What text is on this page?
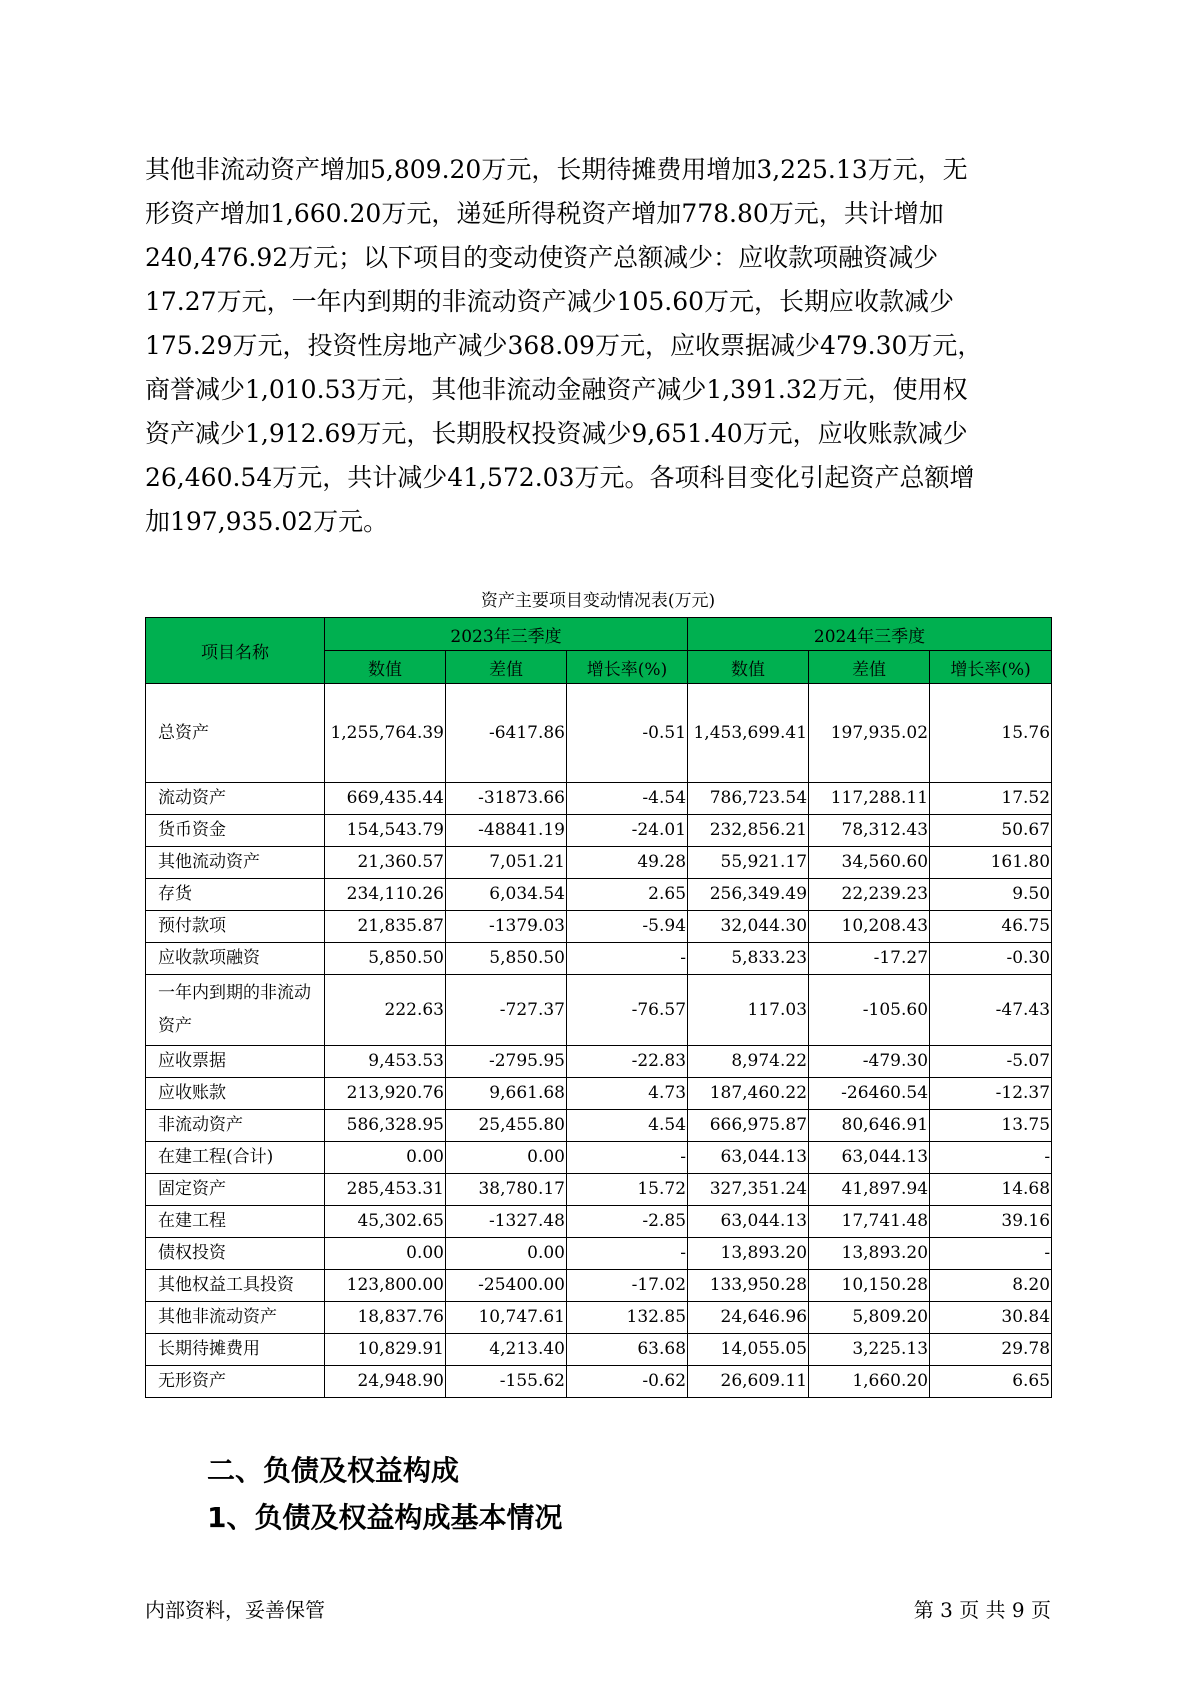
其他非流动资产增加5,809.20万元，长期待摊费用增加3,225.13万元，无
形资产增加1,660.20万元，递延所得税资产增加778.80万元，共计增加
240,476.92万元；以下项目的变动使资产总额减少：应收款项融资减少
17.27万元，一年内到期的非流动资产减少105.60万元，长期应收款减少
175.29万元，投资性房地产减少368.09万元，应收票据减少479.30万元，
商誉减少1,010.53万元，其他非流动金融资产减少1,391.32万元，使用权
资产减少1,912.69万元，长期股权投资减少9,651.40万元，应收账款减少
26,460.54万元，共计减少41,572.03万元。各项科目变化引起资产总额增
加197,935.02万元。
资产主要项目变动情况表(万元)
项目名称	2023年三季度			2024年三季度		
	数值	差值	增长率(%)	数值	差值	增长率(%)
总资产	1,255,764.39	-6417.86	-0.51	1,453,699.41	197,935.02	15.76
流动资产	669,435.44	-31873.66	-4.54	786,723.54	117,288.11	17.52
货币资金	154,543.79	-48841.19	-24.01	232,856.21	78,312.43	50.67
其他流动资产	21,360.57	7,051.21	49.28	55,921.17	34,560.60	161.80
存货	234,110.26	6,034.54	2.65	256,349.49	22,239.23	9.50
预付款项	21,835.87	-1379.03	-5.94	32,044.30	10,208.43	46.75
应收款项融资	5,850.50	5,850.50	-	5,833.23	-17.27	-0.30
一年内到期的非流动资产	222.63	-727.37	-76.57	117.03	-105.60	-47.43
应收票据	9,453.53	-2795.95	-22.83	8,974.22	-479.30	-5.07
应收账款	213,920.76	9,661.68	4.73	187,460.22	-26460.54	-12.37
非流动资产	586,328.95	25,455.80	4.54	666,975.87	80,646.91	13.75
在建工程(合计)	0.00	0.00	-	63,044.13	63,044.13	-
固定资产	285,453.31	38,780.17	15.72	327,351.24	41,897.94	14.68
在建工程	45,302.65	-1327.48	-2.85	63,044.13	17,741.48	39.16
债权投资	0.00	0.00	-	13,893.20	13,893.20	-
其他权益工具投资	123,800.00	-25400.00	-17.02	133,950.28	10,150.28	8.20
其他非流动资产	18,837.76	10,747.61	132.85	24,646.96	5,809.20	30.84
长期待摊费用	10,829.91	4,213.40	63.68	14,055.05	3,225.13	29.78
无形资产	24,948.90	-155.62	-0.62	26,609.11	1,660.20	6.65
二、负债及权益构成
1、负债及权益构成基本情况
内部资料，妥善保管	第 3 页 共 9 页
